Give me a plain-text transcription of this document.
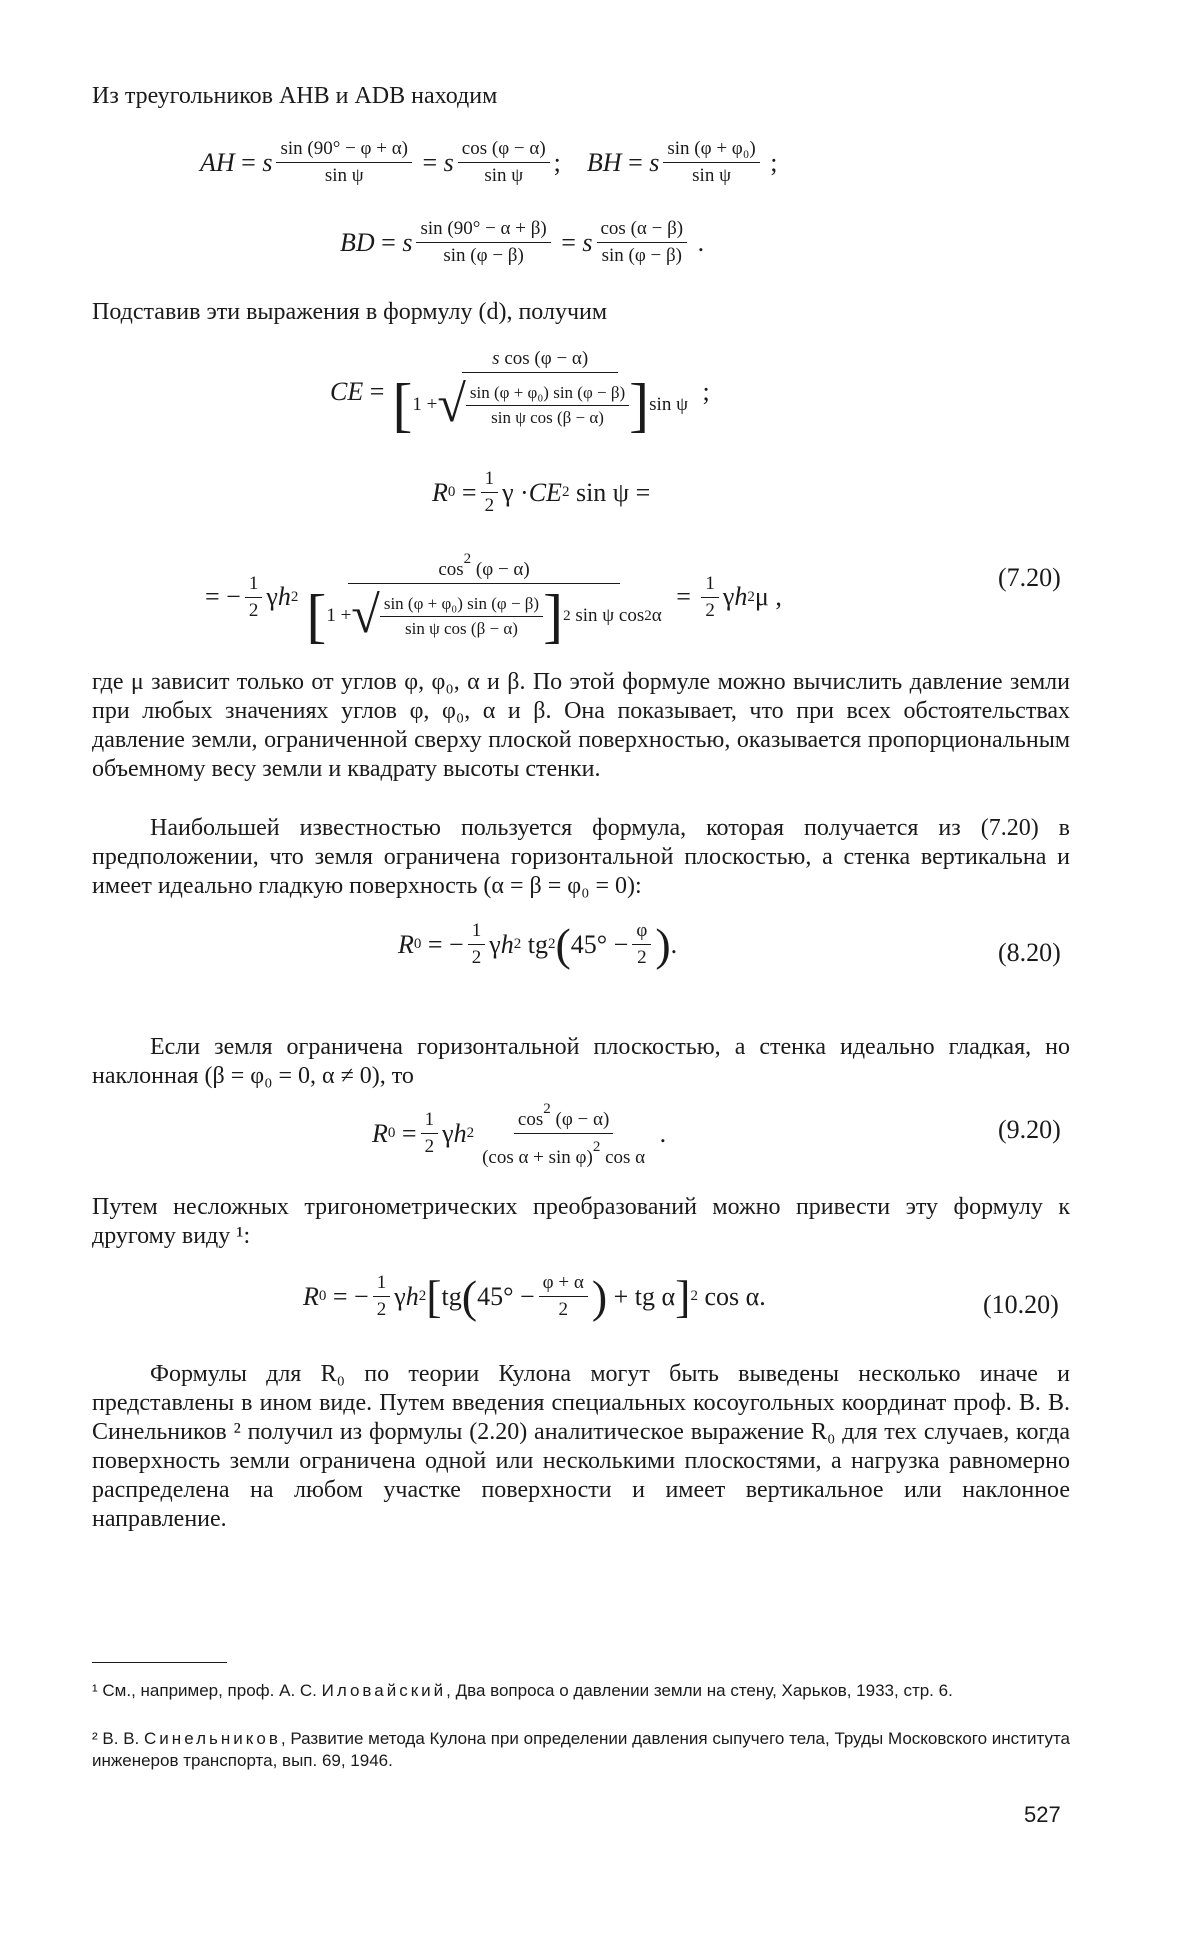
Из треугольников AHB и ADB находим
AH = s $\frac{\sin (90^\circ - \varphi + \alpha)}{\text{sin ψ}} = s \frac{\cos (\varphi - \alpha)}{\text{sin ψ}}$ ; BH = s $\frac{\text{sin (φ + φ₀)}}{\text{sin ψ}}$ ;
BD = s $\frac{\sin (90^\circ - \alpha + \beta)}{\sin (\varphi - \beta)} = s \frac{\cos (\alpha - \beta)}{\sin (\varphi - \beta)}$ .
Подставив эти выражения в формулу (d), получим
CE =
s cos (φ − α)
[ 1 + √ $\frac{\text{sin (φ + φ₀) sin (φ − β)}}{\text{sin ψ cos (β − α)}}$ ] sin ψ ;
R $0 = \frac{1}{2}$ γ · CE 2 sin ψ =
= − $\frac{1}{2}$ γ h 2
$\cos^2 (\varphi - \alpha)$
[ 1 + √ $\frac{\text{sin (φ + φ₀) sin (φ − β)}}{\text{sin ψ cos (β − α)}}$ ] 2 sin ψ cos 2 α
= $\frac{1}{2}$ γ h 2 μ ,
(7.20)
где μ зависит только от углов φ, φ₀, α и β. По этой формуле можно вычислить давление земли при любых значениях углов φ, φ₀, α и β. Она показывает, что при всех обстоятельствах давление земли, ограниченной сверху плоской поверхностью, оказывается пропорциональным объемному весу земли и квадрату высоты стенки.
Наибольшей известностью пользуется формула, которая получается из (7.20) в предположении, что земля ограничена горизонтальной плоскостью, а стенка вертикальна и имеет идеально гладкую поверхность (α = β = φ₀ = 0):
R 0 = − $\frac{1}{2}$ γ h 2 tg 2 ( $45^\circ - \frac{\varphi}{2}$ ) .	(8.20)
Если земля ограничена горизонтальной плоскостью, а стенка идеально гладкая, но наклонная (β = φ₀ = 0, α ≠ 0), то
R $0 = \frac{1}{2}$ γ h $2 \frac{\cos^2 (\varphi - \alpha)}{(\cos \alpha + \sin \varphi)^2 \cos \alpha}$ .	(9.20)
Путем несложных тригонометрических преобразований можно привести эту формулу к другому виду ¹:
R 0 = − $\frac{1}{2}$ γ h 2 [ tg ( $45^\circ - \frac{\varphi + \alpha}{2}$ ) + tg α ] 2 cos α.	(10.20)
Формулы для R₀ по теории Кулона могут быть выведены несколько иначе и представлены в ином виде. Путем введения специальных косоугольных координат проф. В. В. Синельников ² получил из формулы (2.20) аналитическое выражение R₀ для тех случаев, когда поверхность земли ограничена одной или несколькими плоскостями, а нагрузка равномерно распределена на любом участке поверхности и имеет вертикальное или наклонное направление.
¹ См., например, проф. А. С. Иловайский, Два вопроса о давлении земли на стену, Харьков, 1933, стр. 6.
² В. В. Синельников, Развитие метода Кулона при определении давления сыпучего тела, Труды Московского института инженеров транспорта, вып. 69, 1946.
527
